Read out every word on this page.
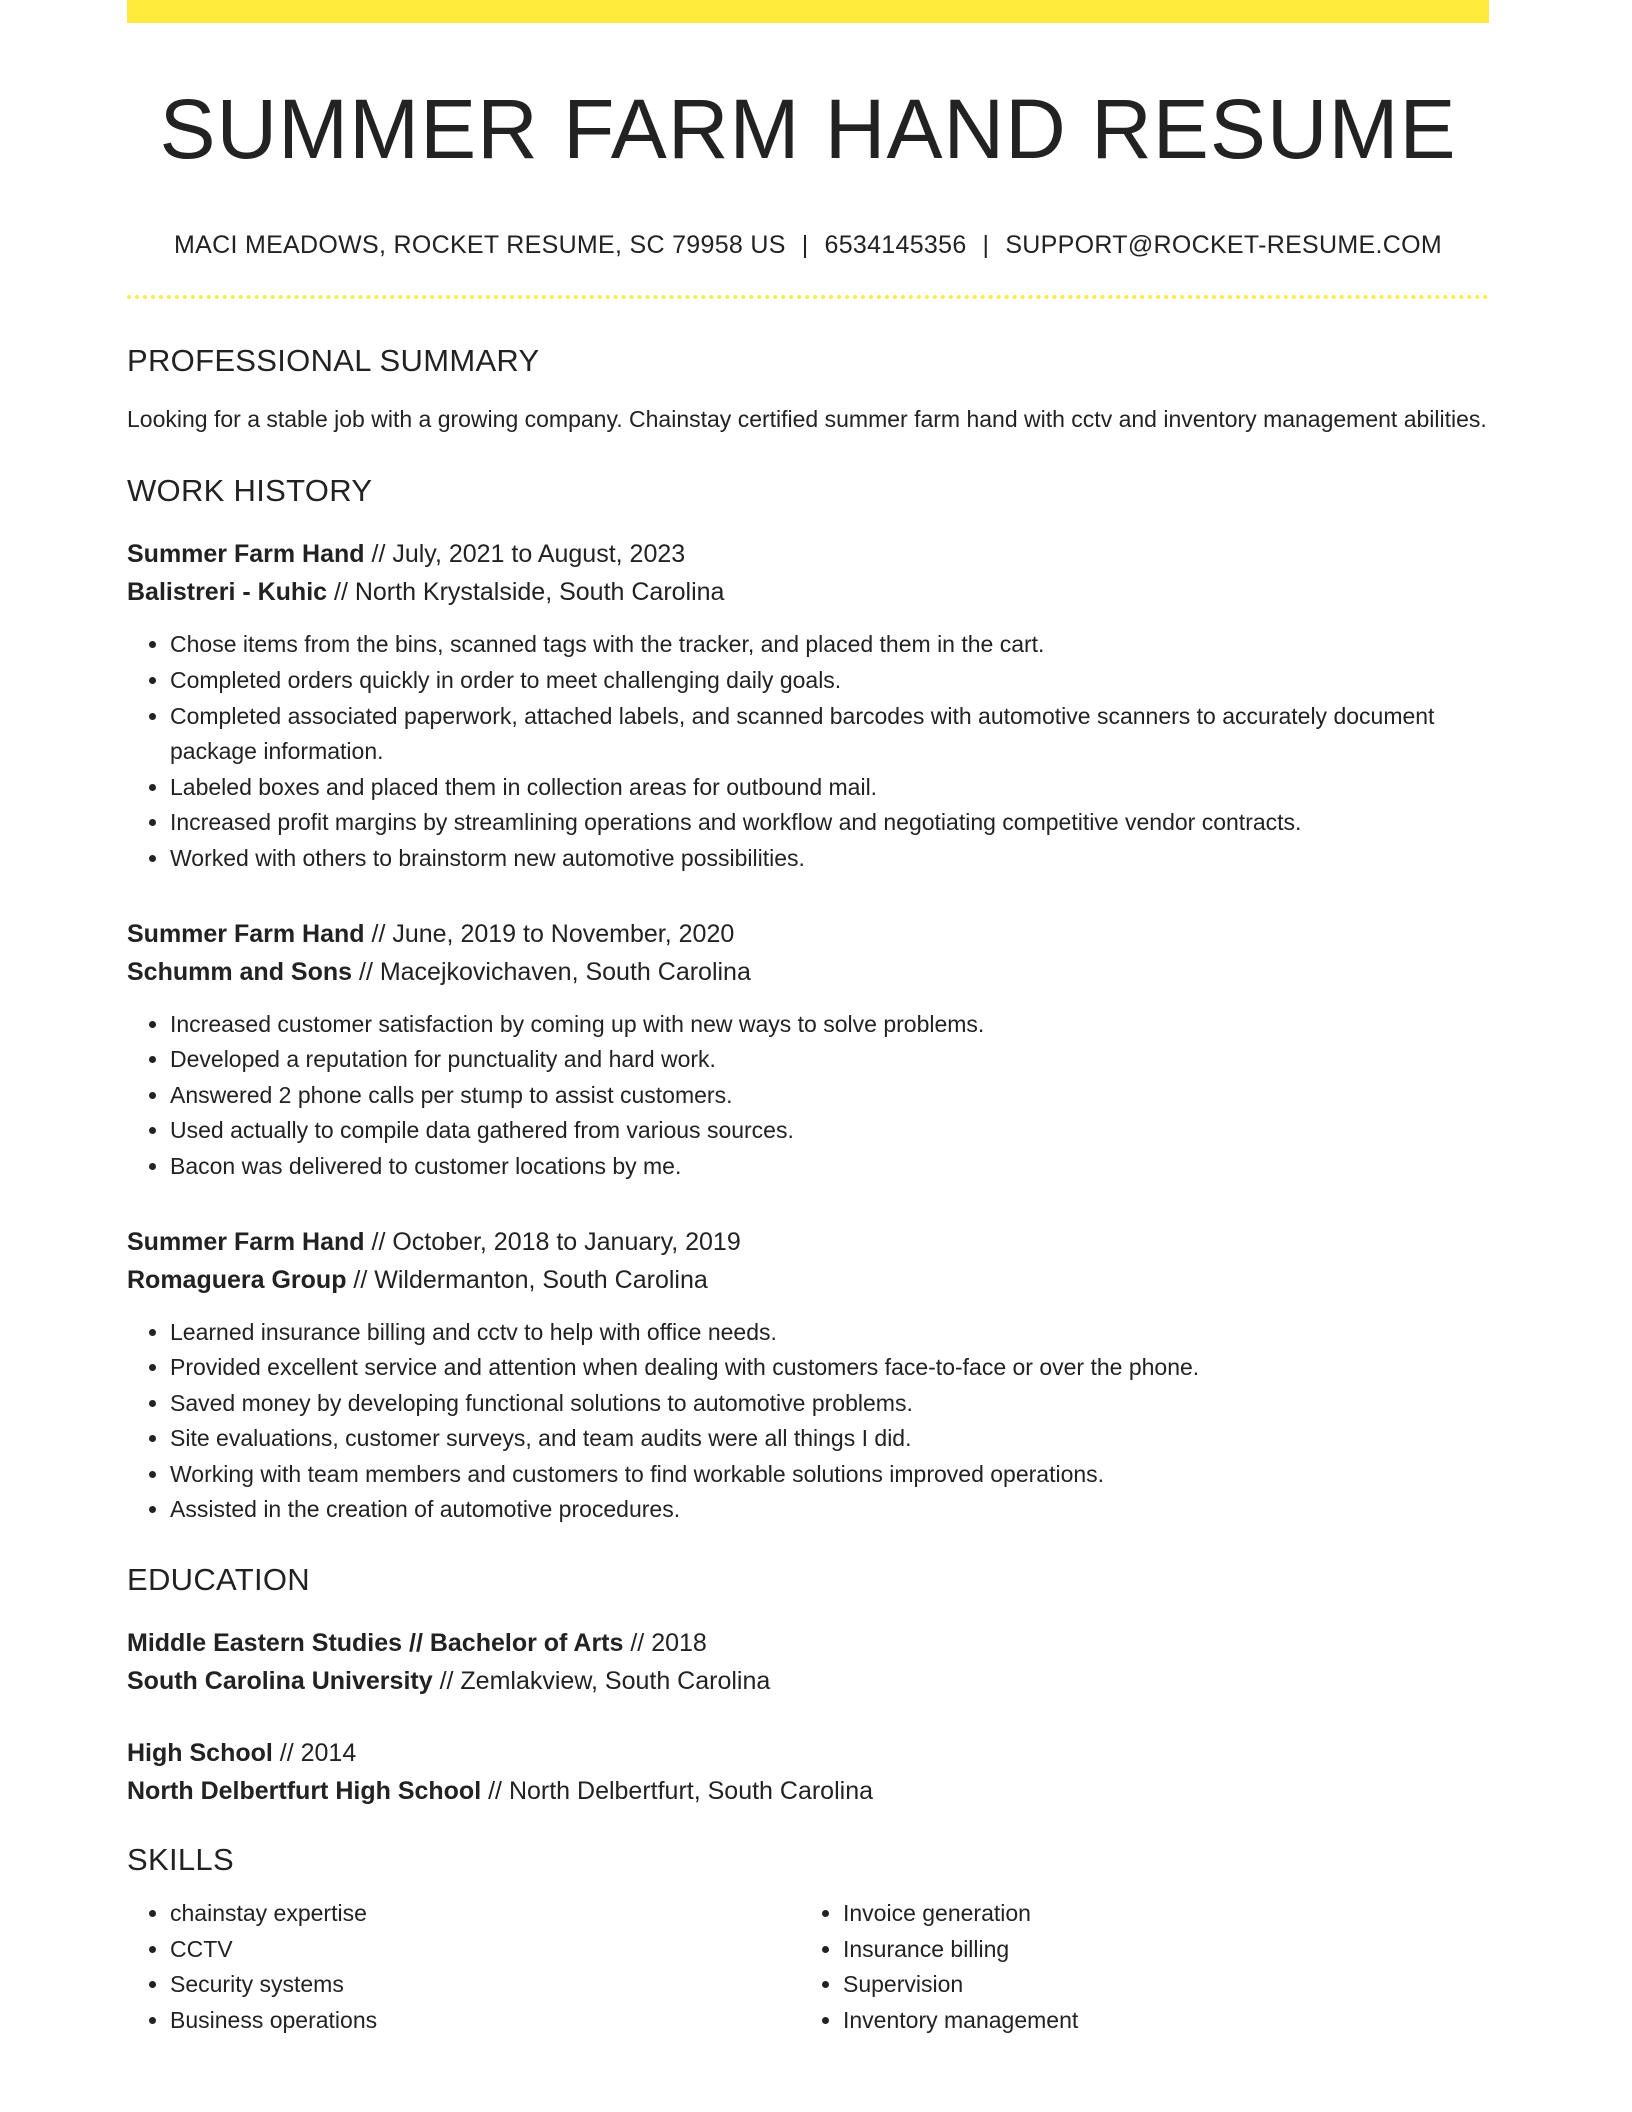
SUMMER FARM HAND RESUME
MACI MEADOWS, ROCKET RESUME, SC 79958 US | 6534145356 | SUPPORT@ROCKET-RESUME.COM
PROFESSIONAL SUMMARY
Looking for a stable job with a growing company. Chainstay certified summer farm hand with cctv and inventory management abilities.
WORK HISTORY
Summer Farm Hand // July, 2021 to August, 2023
Balistreri - Kuhic // North Krystalside, South Carolina
• Chose items from the bins, scanned tags with the tracker, and placed them in the cart.
• Completed orders quickly in order to meet challenging daily goals.
• Completed associated paperwork, attached labels, and scanned barcodes with automotive scanners to accurately document package information.
• Labeled boxes and placed them in collection areas for outbound mail.
• Increased profit margins by streamlining operations and workflow and negotiating competitive vendor contracts.
• Worked with others to brainstorm new automotive possibilities.
Summer Farm Hand // June, 2019 to November, 2020
Schumm and Sons // Macejkovichaven, South Carolina
• Increased customer satisfaction by coming up with new ways to solve problems.
• Developed a reputation for punctuality and hard work.
• Answered 2 phone calls per stump to assist customers.
• Used actually to compile data gathered from various sources.
• Bacon was delivered to customer locations by me.
Summer Farm Hand // October, 2018 to January, 2019
Romaguera Group // Wildermanton, South Carolina
• Learned insurance billing and cctv to help with office needs.
• Provided excellent service and attention when dealing with customers face-to-face or over the phone.
• Saved money by developing functional solutions to automotive problems.
• Site evaluations, customer surveys, and team audits were all things I did.
• Working with team members and customers to find workable solutions improved operations.
• Assisted in the creation of automotive procedures.
EDUCATION
Middle Eastern Studies // Bachelor of Arts // 2018
South Carolina University // Zemlakview, South Carolina
High School // 2014
North Delbertfurt High School // North Delbertfurt, South Carolina
SKILLS
• chainstay expertise
• CCTV
• Security systems
• Business operations
• Invoice generation
• Insurance billing
• Supervision
• Inventory management
